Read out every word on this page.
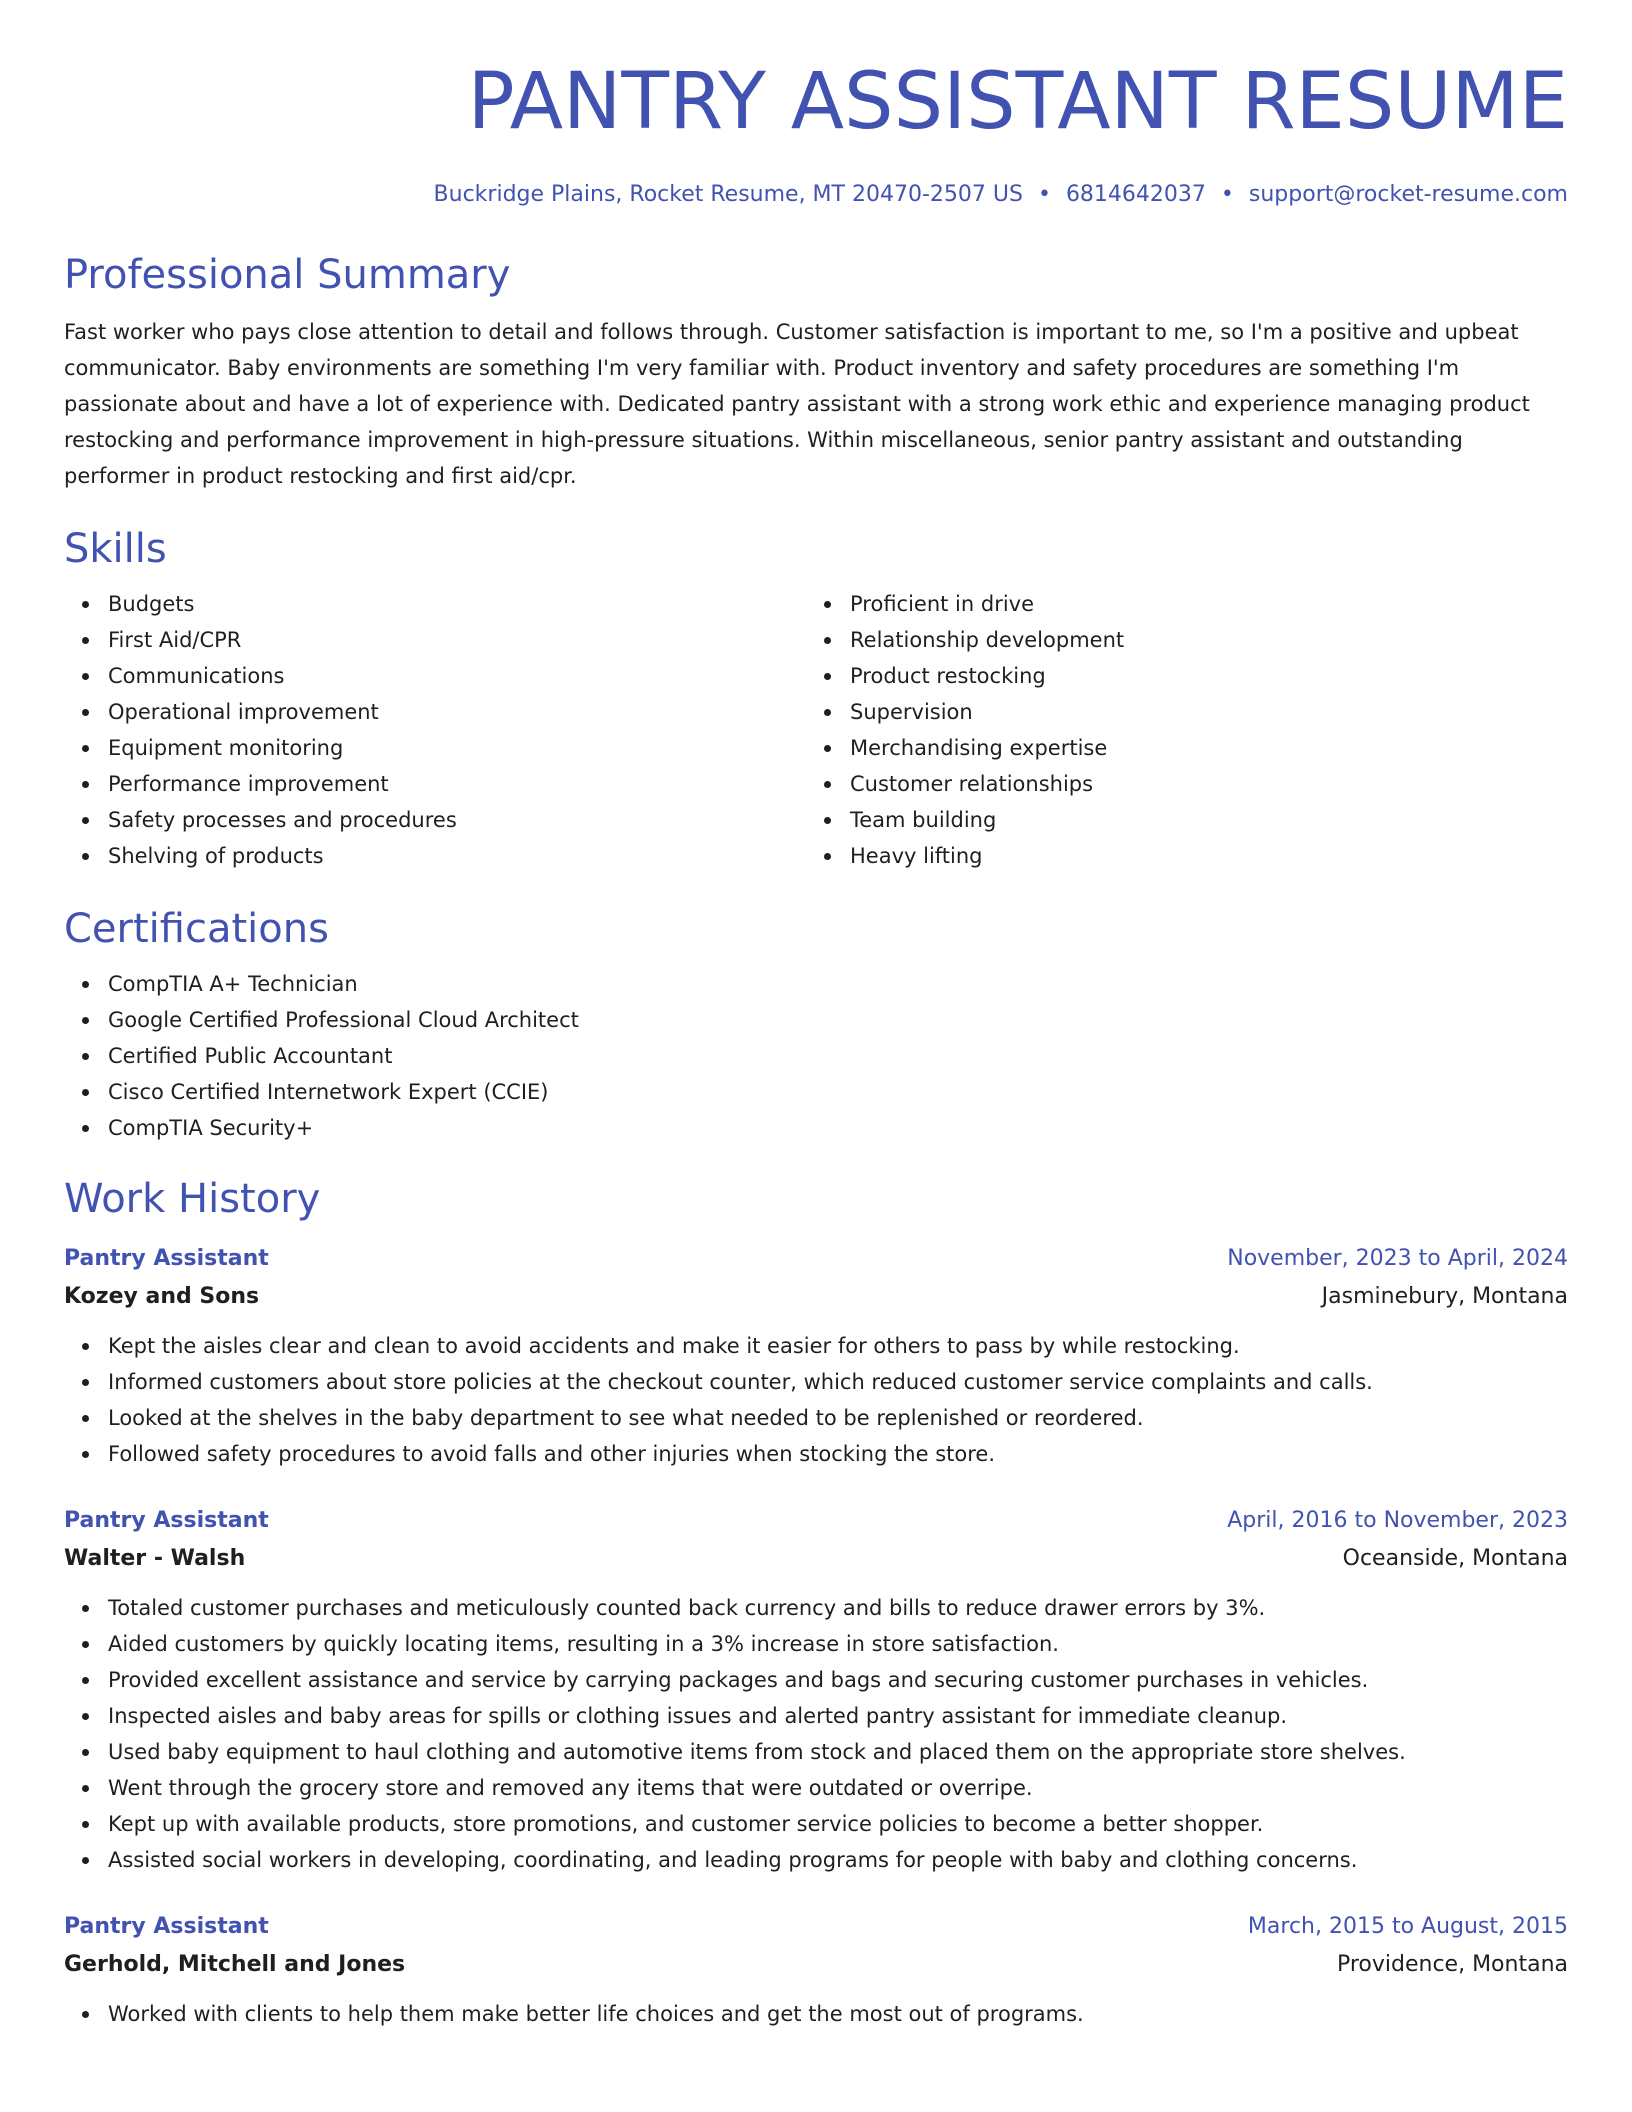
PANTRY ASSISTANT RESUME
Buckridge Plains, Rocket Resume, MT 20470-2507 US • 6814642037 • support@rocket-resume.com
Professional Summary

Fast worker who pays close attention to detail and follows through. Customer satisfaction is important to me, so I'm a positive and upbeat communicator. Baby environments are something I'm very familiar with. Product inventory and safety procedures are something I'm passionate about and have a lot of experience with. Dedicated pantry assistant with a strong work ethic and experience managing product restocking and performance improvement in high-pressure situations. Within miscellaneous, senior pantry assistant and outstanding performer in product restocking and first aid/cpr.

Skills
Budgets
First Aid/CPR
Communications
Operational improvement
Equipment monitoring
Performance improvement
Safety processes and procedures
Shelving of products
Proficient in drive
Relationship development
Product restocking
Supervision
Merchandising expertise
Customer relationships
Team building
Heavy lifting
Certifications
CompTIA A+ Technician
Google Certified Professional Cloud Architect
Certified Public Accountant
Cisco Certified Internetwork Expert (CCIE)
CompTIA Security+
Work History
Pantry Assistant	November, 2023 to April, 2024
Kozey and Sons	Jasminebury, Montana
Kept the aisles clear and clean to avoid accidents and make it easier for others to pass by while restocking.
Informed customers about store policies at the checkout counter, which reduced customer service complaints and calls.
Looked at the shelves in the baby department to see what needed to be replenished or reordered.
Followed safety procedures to avoid falls and other injuries when stocking the store.
Pantry Assistant	April, 2016 to November, 2023
Walter - Walsh	Oceanside, Montana
Totaled customer purchases and meticulously counted back currency and bills to reduce drawer errors by 3%.
Aided customers by quickly locating items, resulting in a 3% increase in store satisfaction.
Provided excellent assistance and service by carrying packages and bags and securing customer purchases in vehicles.
Inspected aisles and baby areas for spills or clothing issues and alerted pantry assistant for immediate cleanup.
Used baby equipment to haul clothing and automotive items from stock and placed them on the appropriate store shelves.
Went through the grocery store and removed any items that were outdated or overripe.
Kept up with available products, store promotions, and customer service policies to become a better shopper.
Assisted social workers in developing, coordinating, and leading programs for people with baby and clothing concerns.
Pantry Assistant	March, 2015 to August, 2015
Gerhold, Mitchell and Jones	Providence, Montana
Worked with clients to help them make better life choices and get the most out of programs.
